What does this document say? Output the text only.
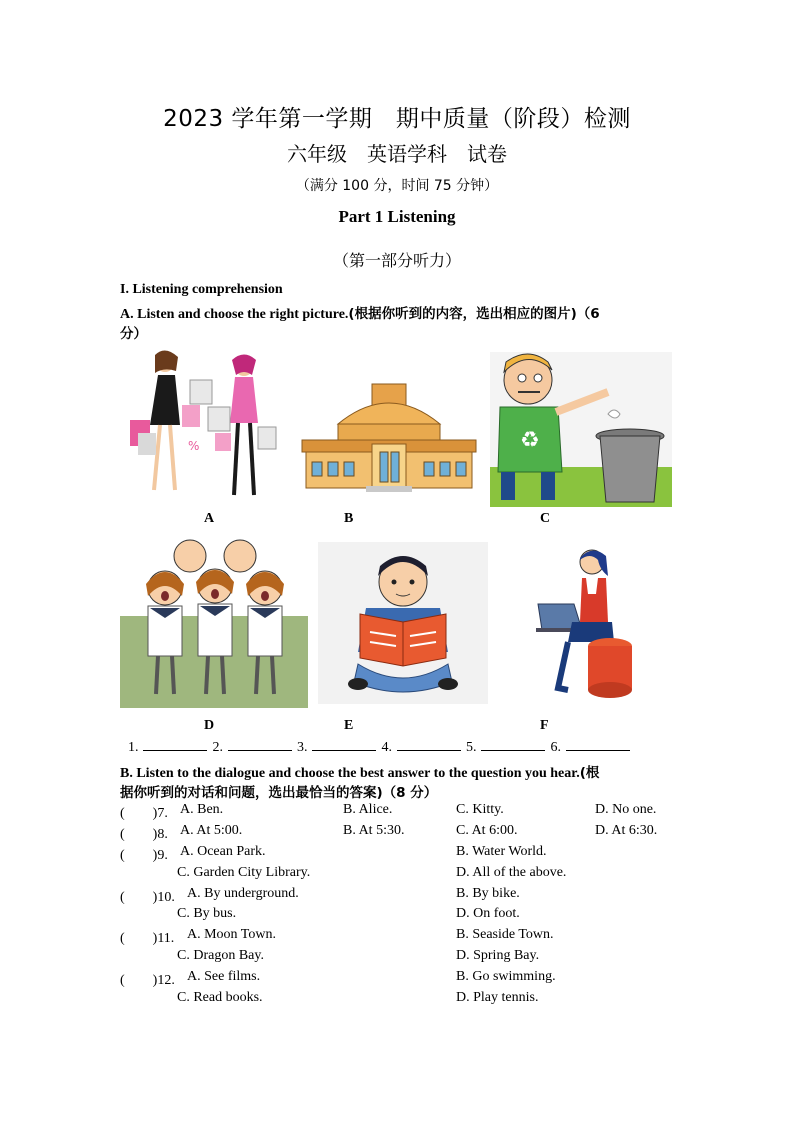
2023 学年第一学期　期中质量（阶段）检测
六年级　英语学科　试卷
（满分 100 分，时间 75 分钟）
Part 1 Listening
（第一部分听力）
I. Listening comprehension
A. Listen and choose the right picture.(根据你听到的内容，选出相应的图片)（6
分）
%
A	B
♻
C
D	E	F
1.	2.	3.	4.	5.	6.
B. Listen to the dialogue and choose the best answer to the question you hear.(根
据你听到的对话和问题，选出最恰当的答案)（8 分）
(　　)7. A. Ben.	B. Alice.	C. Kitty.	D. No one.
(　　)8. A. At 5:00.	B. At 5:30.	C. At 6:00.	D. At 6:30.
(　　)9. A. Ocean Park.	B. Water World.
C. Garden City Library.	D. All of the above.
(　　)10. A. By underground.	B. By bike.
C. By bus.	D. On foot.
(　　)11. A. Moon Town.	B. Seaside Town.
C. Dragon Bay.	D. Spring Bay.
(　　)12. A. See films.	B. Go swimming.
C. Read books.	D. Play tennis.
